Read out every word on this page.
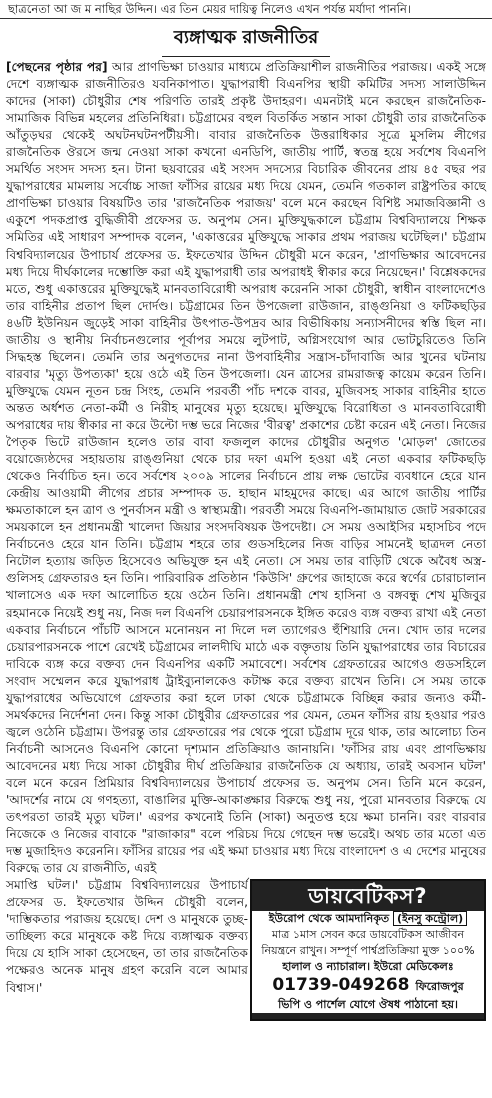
ছাত্রনেতা আ জ ম নাছির উদ্দিন। এর তিন মেয়র দায়িত্ব নিলেও এখন পর্যন্ত মর্যাদা পাননি।
ব্যঙ্গাত্মক রাজনীতির

[পেছনের পৃষ্ঠার পর] আর প্রাণভিক্ষা চাওয়ার মাধ্যমে প্রতিক্রিয়াশীল রাজনীতির পরাজয়। একই সঙ্গে দেশে ব্যঙ্গাত্মক রাজনীতিরও যবনিকাপাত। যুদ্ধাপরাধী বিএনপির স্থায়ী কমিটির সদস্য সালাউদ্দিন কাদের (সাকা) চৌধুরীর শেষ পরিণতি তারই প্রকৃষ্ট উদাহরণ। এমনটাই মনে করছেন রাজনৈতিক-সামাজিক বিভিন্ন মহলের প্রতিনিধিরা। চট্টগ্রামের বহুল বিতর্কিত সন্তান সাকা চৌধুরী তার রাজনৈতিক আঁতুড়ঘর থেকেই অঘটনঘটনপটীয়সী। বাবার রাজনৈতিক উত্তরাধিকার সূত্রে মুসলিম লীগের রাজনৈতিক ঔরসে জন্ম নেওয়া সাকা কখনো এনডিপি, জাতীয় পার্টি, স্বতন্ত্র হয়ে সর্বশেষ বিএনপি সমর্থিত সংসদ সদস্য হন। টানা ছয়বারের এই সংসদ সদস্যের বিচারিক জীবনের প্রায় ৪৫ বছর পর যুদ্ধাপরাধের মামলায় সর্বোচ্চ সাজা ফাঁসির রায়ের মধ্য দিয়ে যেমন, তেমনি গতকাল রাষ্ট্রপতির কাছে প্রাণভিক্ষা চাওয়ার বিষয়টিও তার 'রাজনৈতিক পরাজয়' বলে মনে করছেন বিশিষ্ট সমাজবিজ্ঞানী ও একুশে পদকপ্রাপ্ত বুদ্ধিজীবী প্রফেসর ড. অনুপম সেন। মুক্তিযুদ্ধকালে চট্টগ্রাম বিশ্ববিদ্যালয়ে শিক্ষক সমিতির এই সাধারণ সম্পাদক বলেন, 'একাত্তরের মুক্তিযুদ্ধে সাকার প্রথম পরাজয় ঘটেছিল।' চট্টগ্রাম বিশ্ববিদ্যালয়ের উপাচার্য প্রফেসর ড. ইফতেখার উদ্দিন চৌধুরী মনে করেন, 'প্রাণভিক্ষার আবেদনের মধ্য দিয়ে দীর্ঘকালের দম্ভোক্তি করা এই যুদ্ধাপরাধী তার অপরাধই স্বীকার করে নিয়েছেন।' বিশ্লেষকদের মতে, শুধু একাত্তরের মুক্তিযুদ্ধেই মানবতাবিরোধী অপরাধ করেননি সাকা চৌধুরী, স্বাধীন বাংলাদেশেও তার বাহিনীর প্রতাপ ছিল দোর্দণ্ড। চট্টগ্রামের তিন উপজেলা রাউজান, রাঙ্গুনিয়া ও ফটিকছড়ির ৪৬টি ইউনিয়ন জুড়েই সাকা বাহিনীর উৎপাত-উপদ্রব আর বিভীষিকায় সন্যাসনীদের স্বস্তি ছিল না। জাতীয় ও স্থানীয় নির্বাচনগুলোর পূর্বাপর সময়ে লুটপাট, অগ্নিসংযোগ আর ভোটচুরিতেও তিনি সিদ্ধহস্ত ছিলেন। তেমনি তার অনুগতদের নানা উপবাহিনীর সন্ত্রাস-চাঁদাবাজি আর খুনের ঘটনায় বারবার 'মৃত্যু উপত্যকা' হয়ে ওঠে এই তিন উপজেলা। যেন ত্রাসের রামরাজত্ব কায়েম করেন তিনি। মুক্তিযুদ্ধে যেমন নূতন চন্দ্র সিংহ, তেমনি পরবর্তী পাঁচ দশকে বাবর, মুজিবসহ সাকার বাহিনীর হাতে অন্তত অর্ধশত নেতা-কর্মী ও নিরীহ মানুষের মৃত্যু হয়েছে। মুক্তিযুদ্ধে বিরোধিতা ও মানবতাবিরোধী অপরাধের দায় স্বীকার না করে উল্টো দম্ভ ভরে নিজের 'বীরত্ব' প্রকাশের চেষ্টা করেন এই নেতা। নিজের পৈতৃক ভিটে রাউজান হলেও তার বাবা ফজলুল কাদের চৌধুরীর অনুগত 'মোড়ল' জোতের বয়োজ্যেষ্ঠদের সহায়তায় রাঙ্গুনিয়া থেকে চার দফা এমপি হওয়া এই নেতা একবার ফটিকছড়ি থেকেও নির্বাচিত হন। তবে সর্বশেষ ২০০৯ সালের নির্বাচনে প্রায় লক্ষ ভোটের ব্যবধানে হেরে যান কেন্দ্রীয় আওয়ামী লীগের প্রচার সম্পাদক ড. হাছান মাহমুদের কাছে। এর আগে জাতীয় পার্টির ক্ষমতাকালে হন ত্রাণ ও পুনর্বাসন মন্ত্রী ও স্বাস্থ্যমন্ত্রী। পরবর্তী সময়ে বিএনপি-জামায়াত জোট সরকারের সময়কালে হন প্রধানমন্ত্রী খালেদা জিয়ার সংসদবিষয়ক উপদেষ্টা। সে সময় ওআইসির মহাসচিব পদে নির্বাচনেও হেরে যান তিনি। চট্টগ্রাম শহরে তার গুডসহিলের নিজ বাড়ির সামনেই ছাত্রদল নেতা নিটোল হত্যায় জড়িত হিসেবেও অভিযুক্ত হন এই নেতা। সে সময় তার বাড়িটি থেকে অবৈধ অস্ত্র-গুলিসহ গ্রেফতারও হন তিনি। পারিবারিক প্রতিষ্ঠান 'কিউসি' গ্রুপের জাহাজে করে স্বর্ণের চোরাচালান খালাসেও এক দফা আলোচিত হয়ে ওঠেন তিনি। প্রধানমন্ত্রী শেখ হাসিনা ও বঙ্গবন্ধু শেখ মুজিবুর রহমানকে নিয়েই শুধু নয়, নিজ দল বিএনপি চেয়ারপারসনকে ইঙ্গিত করেও ব্যঙ্গ বক্তব্য রাখা এই নেতা একবার নির্বাচনে পাঁচটি আসনে মনোনয়ন না দিলে দল ত্যাগেরও হুঁশিয়ারি দেন। খোদ তার দলের চেয়ারপারসনকে পাশে রেখেই চট্টগ্রামের লালদীঘি মাঠে এক বক্তৃতায় তিনি যুদ্ধাপরাধের তার বিচারের দাবিকে ব্যঙ্গ করে বক্তব্য দেন বিএনপির একটি সমাবেশে। সর্বশেষ গ্রেফতারের আগেও গুডসহিলে সংবাদ সম্মেলন করে যুদ্ধাপরাধ ট্রাইব্যুনালকেও কটাক্ষ করে বক্তব্য রাখেন তিনি। সে সময় তাকে যুদ্ধাপরাধের অভিযোগে গ্রেফতার করা হলে ঢাকা থেকে চট্টগ্রামকে বিচ্ছিন্ন করার জন্যও কর্মী-সমর্থকদের নির্দেশনা দেন। কিন্তু সাকা চৌধুরীর গ্রেফতারের পর যেমন, তেমন ফাঁসির রায় হওয়ার পরও জ্বলে ওঠেনি চট্টগ্রাম। উপরন্তু তার গ্রেফতারের পর থেকে পুরো চট্টগ্রাম দূরে থাক, তার আলোচ্য তিন নির্বাচনী আসনেও বিএনপি কোনো দৃশ্যমান প্রতিক্রিয়াও জানায়নি। 'ফাঁসির রায় এবং প্রাণভিক্ষায় আবেদনের মধ্য দিয়ে সাকা চৌধুরীর দীর্ঘ প্রতিক্রিয়ার রাজনৈতিক যে অধ্যায়, তারই অবসান ঘটল' বলে মনে করেন প্রিমিয়ার বিশ্ববিদ্যালয়ের উপাচার্য প্রফেসর ড. অনুপম সেন। তিনি মনে করেন, 'আদর্শের নামে যে গণহত্যা, বাঙালির মুক্তি-আকাঙ্ক্ষার বিরুদ্ধে শুধু নয়, পুরো মানবতার বিরুদ্ধে যে তৎপরতা তারই মৃত্যু ঘটল।' এরপর কখনোই তিনি (সাকা) অনুতপ্ত হয়ে ক্ষমা চাননি। বরং বারবার নিজেকে ও নিজের বাবাকে "রাজাকার" বলে পরিচয় দিয়ে গেছেন দম্ভ ভরেই। অথচ তার মতো এত দম্ভ মুজাহিদও করেননি। ফাঁসির রায়ের পর এই ক্ষমা চাওয়ার মধ্য দিয়ে বাংলাদেশ ও এ দেশের মানুষের বিরুদ্ধে তার যে রাজনীতি, এরই

সমাপ্তি ঘটল।' চট্টগ্রাম বিশ্ববিদ্যালয়ের উপাচার্য প্রফেসর ড. ইফতেখার উদ্দিন চৌধুরী বলেন, 'দাম্ভিকতার পরাজয় হয়েছে। দেশ ও মানুষকে তুচ্ছ-তাচ্ছিল্য করে মানুষকে কষ্ট দিয়ে ব্যঙ্গাত্মক বক্তব্য দিয়ে যে হাসি সাকা হেসেছেন, তা তার রাজনৈতিক পক্ষেরও অনেক মানুষ গ্রহণ করেনি বলে আমার বিশ্বাস।'

ডায়বেটিকস?
ইউরোপ থেকে আমদানিকৃত (ইনসু কন্ট্রোল)
মাত্র ১মাস সেবন করে ডায়বেটিকস আজীবন
নিয়ন্ত্রনে রাখুন। সম্পূর্ণ পার্শ্বপ্রতিক্রিয়া মুক্ত ১০০%
হালাল ও ন্যাচারাল। ইউরো মেডিকেলঃ
01739-049268 ফিরোজপুর
ভিপি ও পার্শেল যোগে ঔষধ পাঠানো হয়।
